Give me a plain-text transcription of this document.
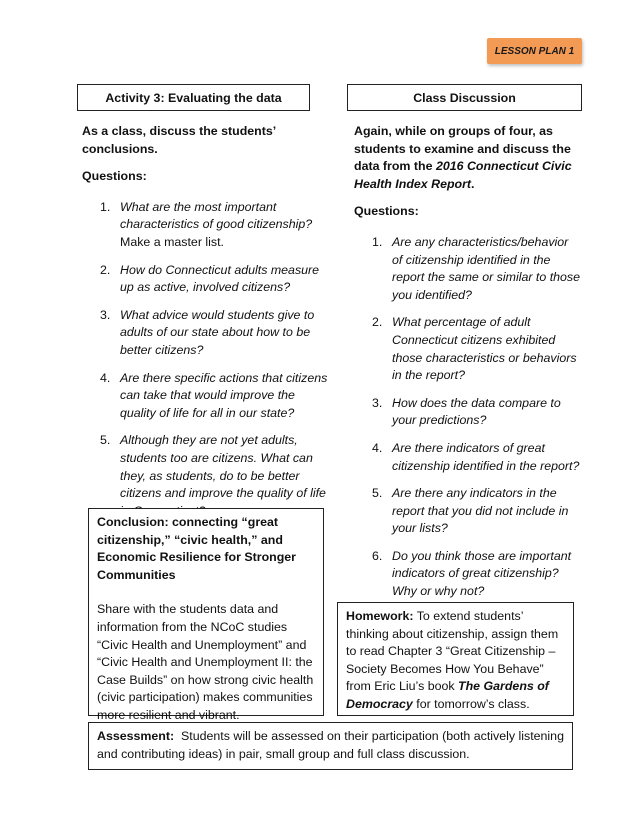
LESSON PLAN 1
Activity 3: Evaluating the data	Class Discussion
As a class, discuss the students’ conclusions.
Questions:
1. What are the most important characteristics of good citizenship?
Make a master list.
2. How do Connecticut adults measure up as active, involved citizens?
3. What advice would students give to adults of our state about how to be better citizens?
4. Are there specific actions that citizens can take that would improve the quality of life for all in our state?
5. Although they are not yet adults, students too are citizens. What can they, as students, do to be better citizens and improve the quality of life
Again, while on groups of four, as students to examine and discuss the data from the 2016 Connecticut Civic Health Index Report.
Questions:
1. Are any characteristics/behavior of citizenship identified in the report the same or similar to those you identified?
2. What percentage of adult Connecticut citizens exhibited those characteristics or behaviors in the report?
3. How does the data compare to your predictions?
4. Are there indicators of great citizenship identified in the report?
5. Are there any indicators in the report that you did not include in your lists?
6. Do you think those are important indicators of great citizenship? Why or why not?
Conclusion: connecting “great citizenship,” “civic health,” and Economic Resilience for Stronger Communities
Share with the students data and information from the NCoC studies “Civic Health and Unemployment” and “Civic Health and Unemployment II: the Case Builds” on how strong civic health (civic participation) makes communities more resilient and vibrant.
Homework: To extend students’ thinking about citizenship, assign them to read Chapter 3 “Great Citizenship – Society Becomes How You Behave” from Eric Liu’s book The Gardens of Democracy for tomorrow’s class.
Assessment:  Students will be assessed on their participation (both actively listening and contributing ideas) in pair, small group and full class discussion.
